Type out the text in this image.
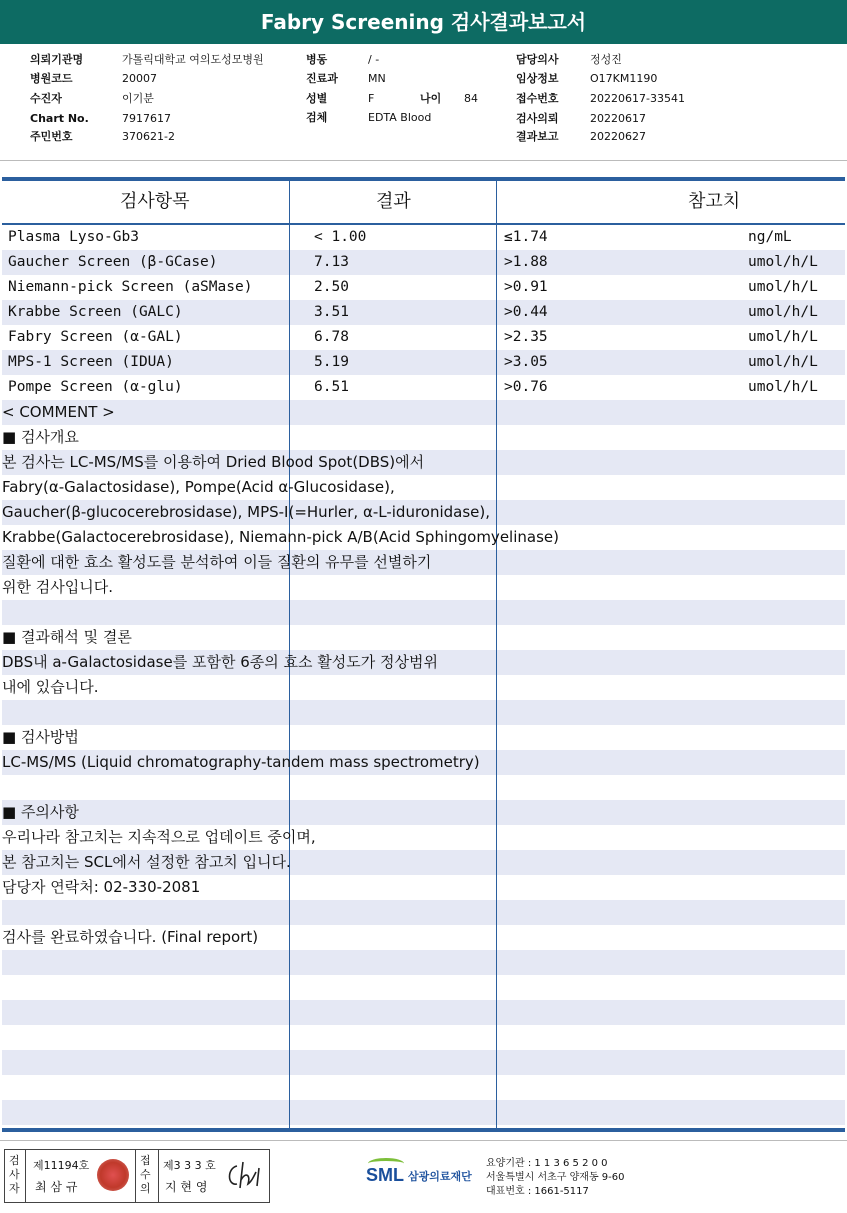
Fabry Screening 검사결과보고서
의뢰기관명	가톨릭대학교 여의도성모병원
병원코드	20007
수진자	이기분
Chart No.	7917617
주민번호	370621-2
병동	/ -
진료과	MN
성별	F	나이 84
검체	EDTA Blood
담당의사	정성진
임상정보	O17KM1190
접수번호	20220617-33541
검사의뢰	20220617
결과보고	20220627
검사항목	결과	참고치
Plasma Lyso-Gb3	< 1.00	≤1.74	ng/mL
Gaucher Screen (β-GCase)	7.13	>1.88	umol/h/L
Niemann-pick Screen (aSMase)	2.50	>0.91	umol/h/L
Krabbe Screen (GALC)	3.51	>0.44	umol/h/L
Fabry Screen (α-GAL)	6.78	>2.35	umol/h/L
MPS-1 Screen (IDUA)	5.19	>3.05	umol/h/L
Pompe Screen (α-glu)	6.51	>0.76	umol/h/L
< COMMENT >
■ 검사개요
본 검사는 LC-MS/MS를 이용하여 Dried Blood Spot(DBS)에서
Fabry(α-Galactosidase), Pompe(Acid α-Glucosidase),
Gaucher(β-glucocerebrosidase), MPS-I(=Hurler, α-L-iduronidase),
Krabbe(Galactocerebrosidase), Niemann-pick A/B(Acid Sphingomyelinase)
질환에 대한 효소 활성도를 분석하여 이들 질환의 유무를 선별하기
위한 검사입니다.
■ 결과해석 및 결론
DBS내 a-Galactosidase를 포함한 6종의 효소 활성도가 정상범위
내에 있습니다.
■ 검사방법
LC-MS/MS (Liquid chromatography-tandem mass spectrometry)
■ 주의사항
우리나라 참고치는 지속적으로 업데이트 중이며,
본 참고치는 SCL에서 설정한 참고치 입니다.
담당자 연락처: 02-330-2081
검사를 완료하였습니다. (Final report)
검사자
제11194호
최 삼 규
접수의
제3 3 3 호
지 현 영
SML 삼광의료재단
요양기관 : 1 1 3 6 5 2 0 0
서울특별시 서초구 양재동 9-60
대표번호 : 1661-5117
